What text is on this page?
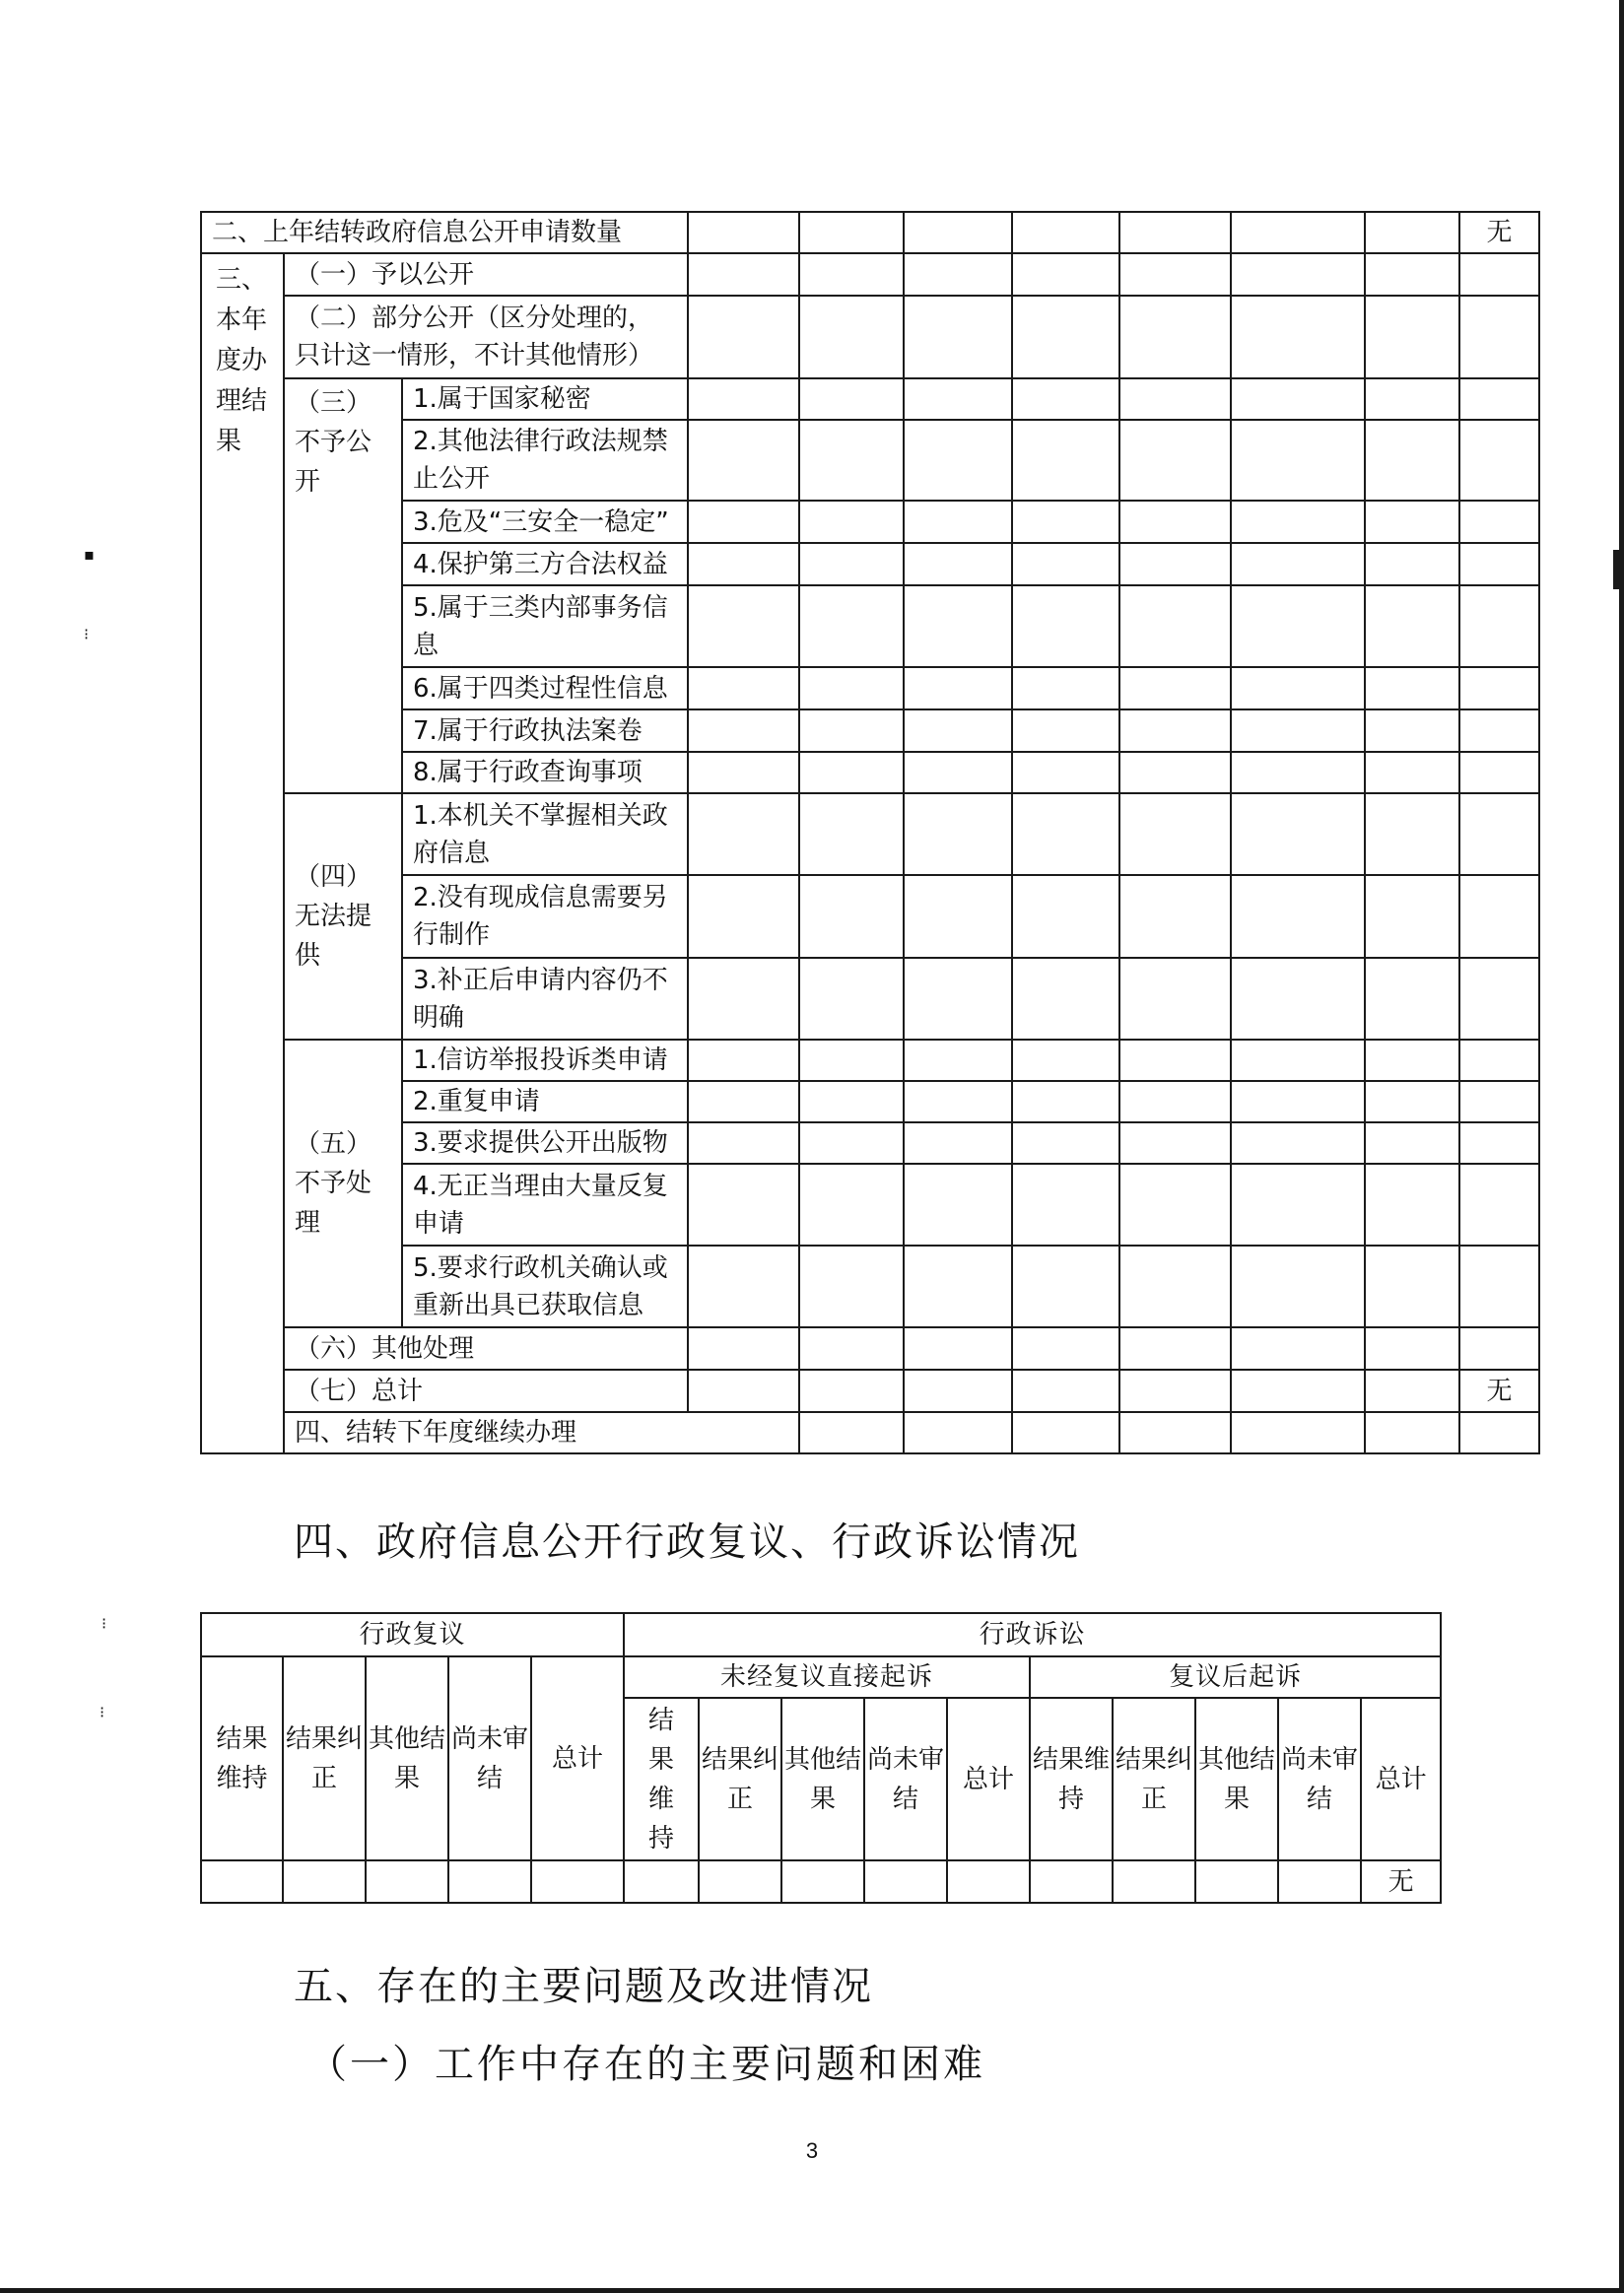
▪
⁝
⁝
⁝
二、上年结转政府信息公开申请数量										无	
三、本年度办理结果	（一）予以公开										
	（二）部分公开（区分处理的，只计这一情形，不计其他情形）										
	（三）不予公开	1.属于国家秘密									
		2.其他法律行政法规禁止公开									
		3.危及“三安全一稳定”									
		4.保护第三方合法权益									
		5.属于三类内部事务信息									
		6.属于四类过程性信息									
		7.属于行政执法案卷									
		8.属于行政查询事项									
	（四）无法提供	1.本机关不掌握相关政府信息									
		2.没有现成信息需要另行制作									
		3.补正后申请内容仍不明确									
	（五）不予处理	1.信访举报投诉类申请									
		2.重复申请									
		3.要求提供公开出版物									
		4.无正当理由大量反复申请									
		5.要求行政机关确认或重新出具已获取信息									
	（六）其他处理										
	（七）总计									无	
	四、结转下年度继续办理								
四、政府信息公开行政复议、行政诉讼情况
行政复议					行政诉讼									
结果维持	结果纠正	其他结果	尚未审结	总计	未经复议直接起诉					复议后起诉				
					结果维持	结果纠正	其他结果	尚未审结	总计	结果维持	结果纠正	其他结果	尚未审结	总计
														无
五、存在的主要问题及改进情况
（一）工作中存在的主要问题和困难
3
